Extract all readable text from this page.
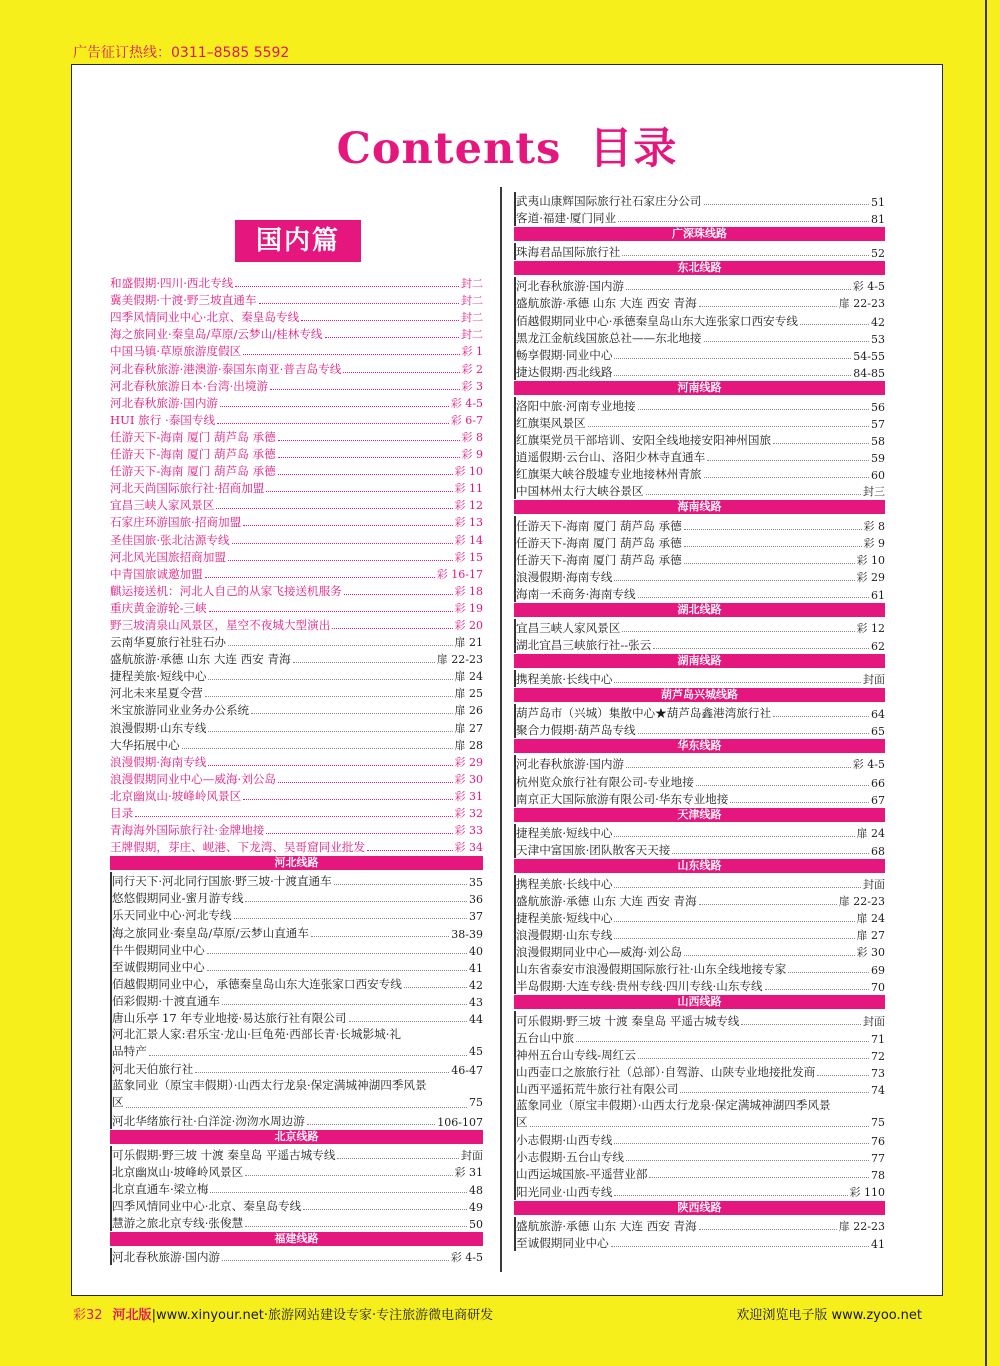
广告征订热线：0311–8585 5592
Contents 目录
国内篇
和盛假期·四川·西北专线	封二
冀美假期·十渡·野三坡直通车	封二
四季风情同业中心·北京、秦皇岛专线	封二
海之旅同业·秦皇岛/草原/云梦山/桂林专线	封二
中国马镇·草原旅游度假区	彩 1
河北春秋旅游·港澳游·泰国东南亚·普吉岛专线	彩 2
河北春秋旅游日本·台湾·出境游	彩 3
河北春秋旅游·国内游	彩 4-5
HUI 旅行 ·泰国专线	彩 6-7
任游天下-海南 厦门 葫芦岛 承德	彩 8
任游天下-海南 厦门 葫芦岛 承德	彩 9
任游天下-海南 厦门 葫芦岛 承德	彩 10
河北天尚国际旅行社·招商加盟	彩 11
宜昌三峡人家风景区	彩 12
石家庄环游国旅·招商加盟	彩 13
圣佳国旅·张北沽源专线	彩 14
河北风光国旅招商加盟	彩 15
中青国旅诚邀加盟	彩 16-17
麒运接送机：河北人自己的从家飞接送机服务	彩 18
重庆黄金游轮-三峡	彩 19
野三坡清泉山风景区，星空不夜城大型演出	彩 20
云南华夏旅行社驻石办	扉 21
盛航旅游·承德 山东 大连 西安 青海	扉 22-23
捷程美旅·短线中心	扉 24
河北未来星夏令营	扉 25
米宝旅游同业业务办公系统	扉 26
浪漫假期·山东专线	扉 27
大华拓展中心	扉 28
浪漫假期·海南专线	彩 29
浪漫假期同业中心—威海·刘公岛	彩 30
北京幽岚山·坡峰岭风景区	彩 31
目录	彩 32
青海海外国际旅行社·金牌地接	彩 33
王牌假期，芽庄、岘港、下龙湾、吴哥窟同业批发	彩 34
河北线路
同行天下·河北同行国旅·野三坡·十渡直通车	35
悠悠假期同业-蜜月游专线	36
乐天同业中心·河北专线	37
海之旅同业·秦皇岛/草原/云梦山直通车	38-39
牛牛假期同业中心	40
至诚假期同业中心	41
佰越假期同业中心，承德秦皇岛山东大连张家口西安专线	42
佰彩假期·十渡直通车	43
唐山乐亭 17 年专业地接·易达旅行社有限公司	44
河北汇景人家:君乐宝·龙山·巨龟苑·西部长青·长城影城·礼
品特产	45
河北天伯旅行社	46-47
蓝象同业（原宝丰假期）·山西太行龙泉·保定满城神湖四季风景
区	75
河北华绪旅行社·白洋淀·沕沕水周边游	106-107
北京线路
可乐假期·野三坡 十渡 秦皇岛 平遥古城专线	封面
北京幽岚山·坡峰岭风景区	彩 31
北京直通车·梁立梅	48
四季风情同业中心·北京、秦皇岛专线	49
慧游之旅北京专线·张俊慧	50
福建线路
河北春秋旅游·国内游	彩 4-5
武夷山康辉国际旅行社石家庄分公司	51
客道·福建·厦门同业	81
广深珠线路
珠海君品国际旅行社	52
东北线路
河北春秋旅游·国内游	彩 4-5
盛航旅游·承德 山东 大连 西安 青海	扉 22-23
佰越假期同业中心·承德秦皇岛山东大连张家口西安专线	42
黑龙江金航线国旅总社——东北地接	53
畅享假期·同业中心	54-55
捷达假期·西北线路	84-85
河南线路
洛阳中旅·河南专业地接	56
红旗渠风景区	57
红旗渠党员干部培训、安阳全线地接安阳神州国旅	58
逍遥假期·云台山、洛阳少林寺直通车	59
红旗渠大峡谷殷墟专业地接林州青旅	60
中国林州太行大峡谷景区	封三
海南线路
任游天下-海南 厦门 葫芦岛 承德	彩 8
任游天下-海南 厦门 葫芦岛 承德	彩 9
任游天下-海南 厦门 葫芦岛 承德	彩 10
浪漫假期·海南专线	彩 29
海南一禾商务·海南专线	61
湖北线路
宜昌三峡人家风景区	彩 12
湖北宜昌三峡旅行社--张云	62
湖南线路
携程美旅·长线中心	封面
葫芦岛兴城线路
葫芦岛市（兴城）集散中心★葫芦岛鑫港湾旅行社	64
聚合力假期·葫芦岛专线	65
华东线路
河北春秋旅游·国内游	彩 4-5
杭州览众旅行社有限公司-专业地接	66
南京正大国际旅游有限公司·华东专业地接	67
天津线路
捷程美旅·短线中心	扉 24
天津中富国旅·团队散客天天接	68
山东线路
携程美旅·长线中心	封面
盛航旅游·承德 山东 大连 西安 青海	扉 22-23
捷程美旅·短线中心	扉 24
浪漫假期·山东专线	扉 27
浪漫假期同业中心—威海·刘公岛	彩 30
山东省泰安市浪漫假期国际旅行社·山东全线地接专家	69
半岛假期·大连专线·贵州专线·四川专线·山东专线	70
山西线路
可乐假期·野三坡 十渡 秦皇岛 平遥古城专线	封面
五台山中旅	71
神州五台山专线-周红云	72
山西壶口之旅旅行社（总部）·自驾游、山陕专业地接批发商	73
山西平遥拓荒牛旅行社有限公司	74
蓝象同业（原宝丰假期）·山西太行龙泉·保定满城神湖四季风景
区	75
小志假期·山西专线	76
小志假期·五台山专线	77
山西运城国旅-平遥营业部	78
阳光同业·山西专线	彩 110
陕西线路
盛航旅游·承德 山东 大连 西安 青海	扉 22-23
至诚假期同业中心	41
彩32 河北版|www.xinyour.net·旅游网站建设专家·专注旅游微电商研发	欢迎浏览电子版 www.zyoo.net
